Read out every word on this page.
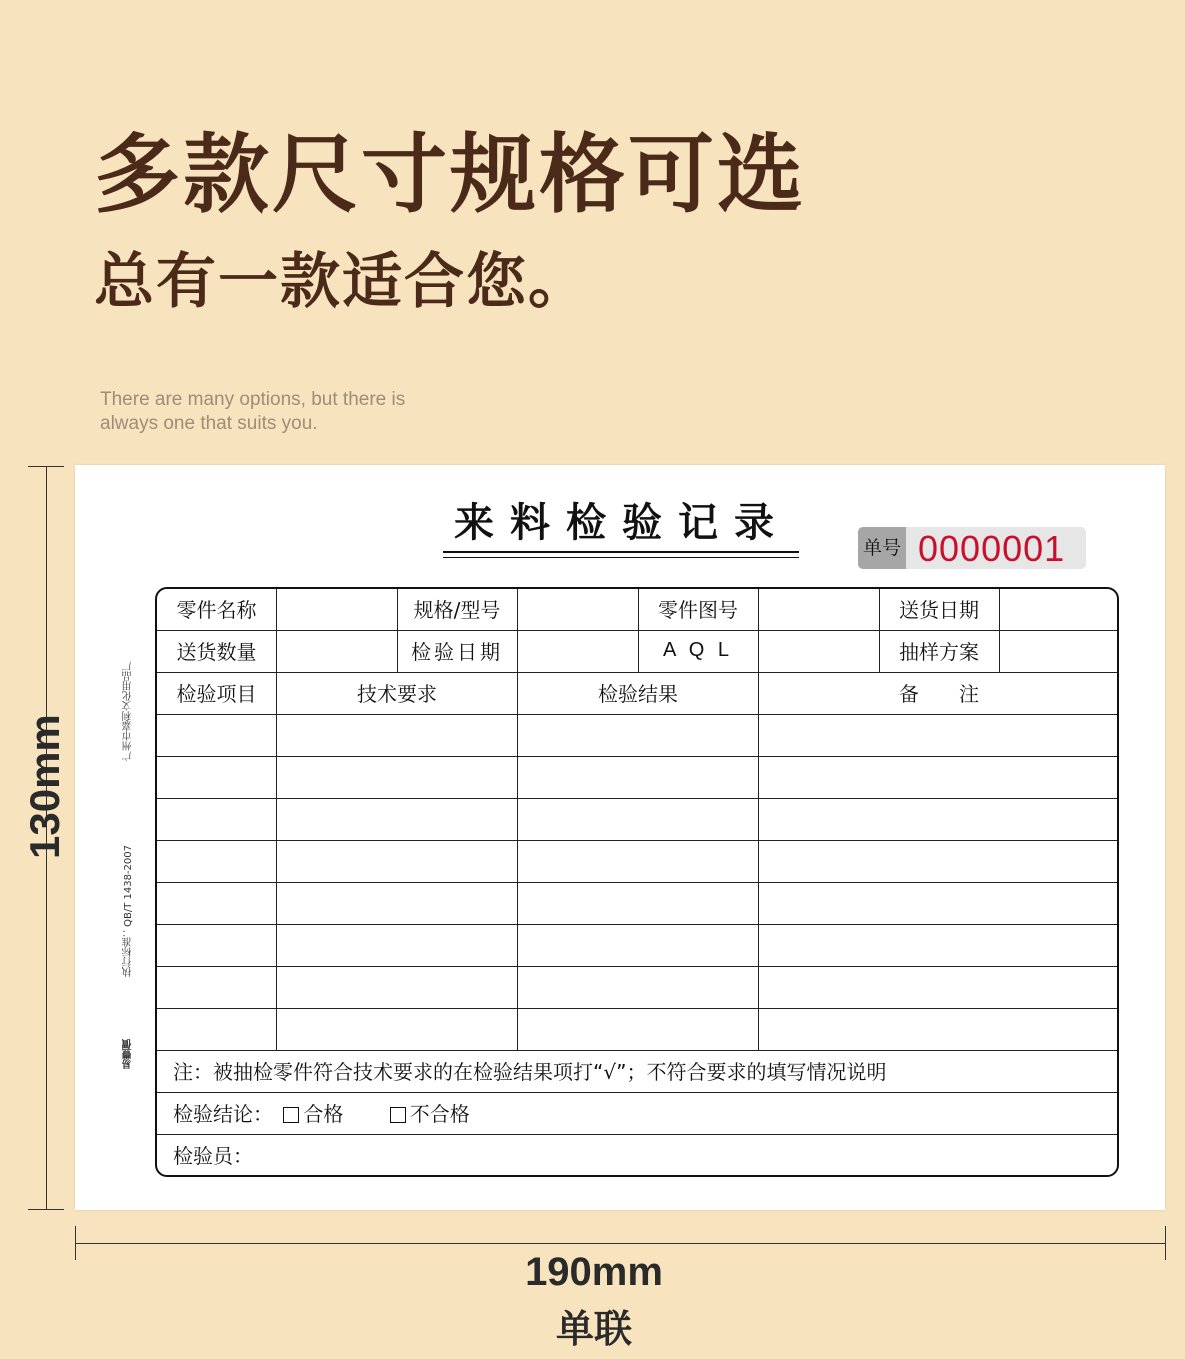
多款尺寸规格可选
总有一款适合您。
There are many options, but there is
always one that suits you.
130mm
190mm
单联
来料检验记录
单号 0000001
广州市嘉利文化用品厂
执行标准：QB/T 1438-2007
易豐價
零件名称	规格/型号	零件图号	送货日期
送货数量	检验日期	A Q L	抽样方案
检验项目	技术要求	检验结果	备　　注
注：被抽检零件符合技术要求的在检验结果项打“√”；不符合要求的填写情况说明
检验结论： 合格	不合格
检验员：
